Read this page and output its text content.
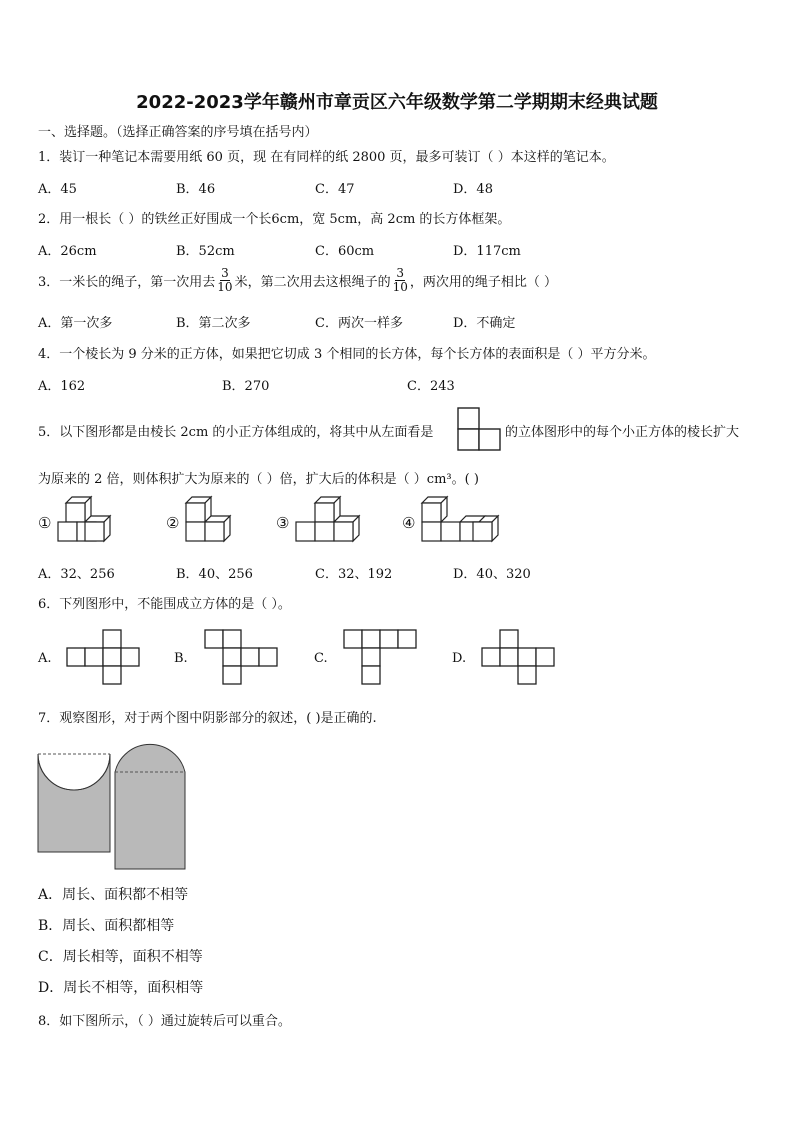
2022-2023学年赣州市章贡区六年级数学第二学期期末经典试题
一、选择题。（选择正确答案的序号填在括号内）
1．装订一种笔记本需要用纸 60 页，现 在有同样的纸 2800 页，最多可装订（ ）本这样的笔记本。
A．45	B．46	C．47	D．48
2．用一根长（ ）的铁丝正好围成一个长6cm，宽 5cm，高 2cm 的长方体框架。
A．26cm	B．52cm	C．60cm	D．117cm
3．一米长的绳子，第一次用去 $\frac{3}{10}$ 米，第二次用去这根绳子的 $\frac{3}{10}$ ，两次用的绳子相比（ ）
A．第一次多	B．第二次多	C．两次一样多	D．不确定
4．一个棱长为 9 分米的正方体，如果把它切成 3 个相同的长方体，每个长方体的表面积是（ ）平方分米。
A．162	B．270	C．243
5．以下图形都是由棱长 2cm 的小正方体组成的，将其中从左面看是	的立体图形中的每个小正方体的棱长扩大
为原来的 2 倍，则体积扩大为原来的（ ）倍，扩大后的体积是（ ）cm³。( )
①	②	③	④
A．32、256	B．40、256	C．32、192	D．40、320
6．下列图形中，不能围成立方体的是（ ）。
A.	B.	C.	D.
7．观察图形，对于两个图中阴影部分的叙述，( )是正确的.
A．周长、面积都不相等
B．周长、面积都相等
C．周长相等，面积不相等
D．周长不相等，面积相等
8．如下图所示，（ ）通过旋转后可以重合。
